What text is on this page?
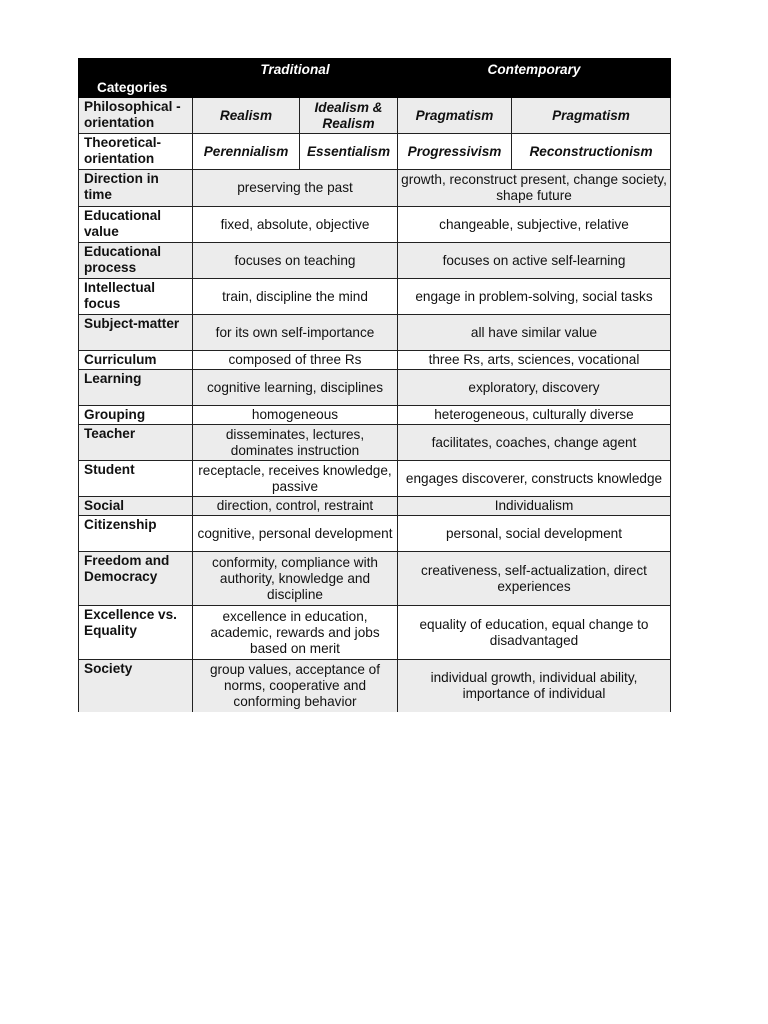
Categories	Traditional		Contemporary	
Philosophical - orientation	Realism	Idealism & Realism	Pragmatism	Pragmatism
Theoretical-orientation	Perennialism	Essentialism	Progressivism	Reconstructionism
Direction in time	preserving the past		growth, reconstruct present, change society, shape future	
Educational value	fixed, absolute, objective		changeable, subjective, relative	
Educational process	focuses on teaching		focuses on active self-learning	
Intellectual focus	train, discipline the mind		engage in problem-solving, social tasks	
Subject-matter	for its own self-importance		all have similar value	
Curriculum	composed of three Rs		three Rs, arts, sciences, vocational	
Learning	cognitive learning, disciplines		exploratory, discovery	
Grouping	homogeneous		heterogeneous, culturally diverse	
Teacher	disseminates, lectures, dominates instruction		facilitates, coaches, change agent	
Student	receptacle, receives knowledge, passive		engages discoverer, constructs knowledge	
Social	direction, control, restraint		Individualism	
Citizenship	cognitive, personal development		personal, social development	
Freedom and Democracy	conformity, compliance with authority, knowledge and discipline		creativeness, self-actualization, direct experiences	
Excellence vs. Equality	excellence in education, academic, rewards and jobs based on merit		equality of education, equal change to disadvantaged	
Society	group values, acceptance of norms, cooperative and conforming behavior		individual growth, individual ability, importance of individual	
